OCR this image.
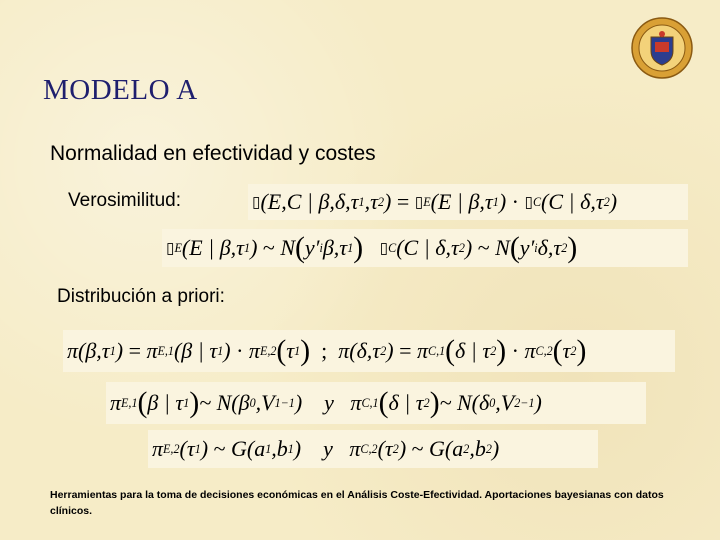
MODELO A
Normalidad en efectividad y costes
Verosimilitud:	▯ (E,C | β,δ,τ 1 ,τ 2 ) = ▯ E (E | β,τ 1 ) · ▯ C (C | δ,τ 2 )
▯ E (E | β,τ 1 ) ~ N ( y′ i β,τ 1 )
▯ C (C | δ,τ 2 ) ~ N ( y′ i δ,τ 2 )
Distribución a priori:
π(β,τ 1 ) = π E,1 (β | τ 1 ) · π E,2 ( τ 1 ) ; π(δ,τ 2 ) = π C,1 ( δ | τ 2 ) · π C,2 ( τ 2 )
π E,1 ( β | τ 1 ) ~ N(β 0 ,V 1 −1 )    y   π C,1 ( δ | τ 2 ) ~ N(δ 0 ,V 2 −1 )
π E,2 (τ 1 ) ~ G(a 1 ,b 1 )    y   π C,2 (τ 2 ) ~ G(a 2 ,b 2 )
Herramientas para la toma de decisiones económicas en el Análisis Coste-Efectividad. Aportaciones bayesianas con datos clínicos.
